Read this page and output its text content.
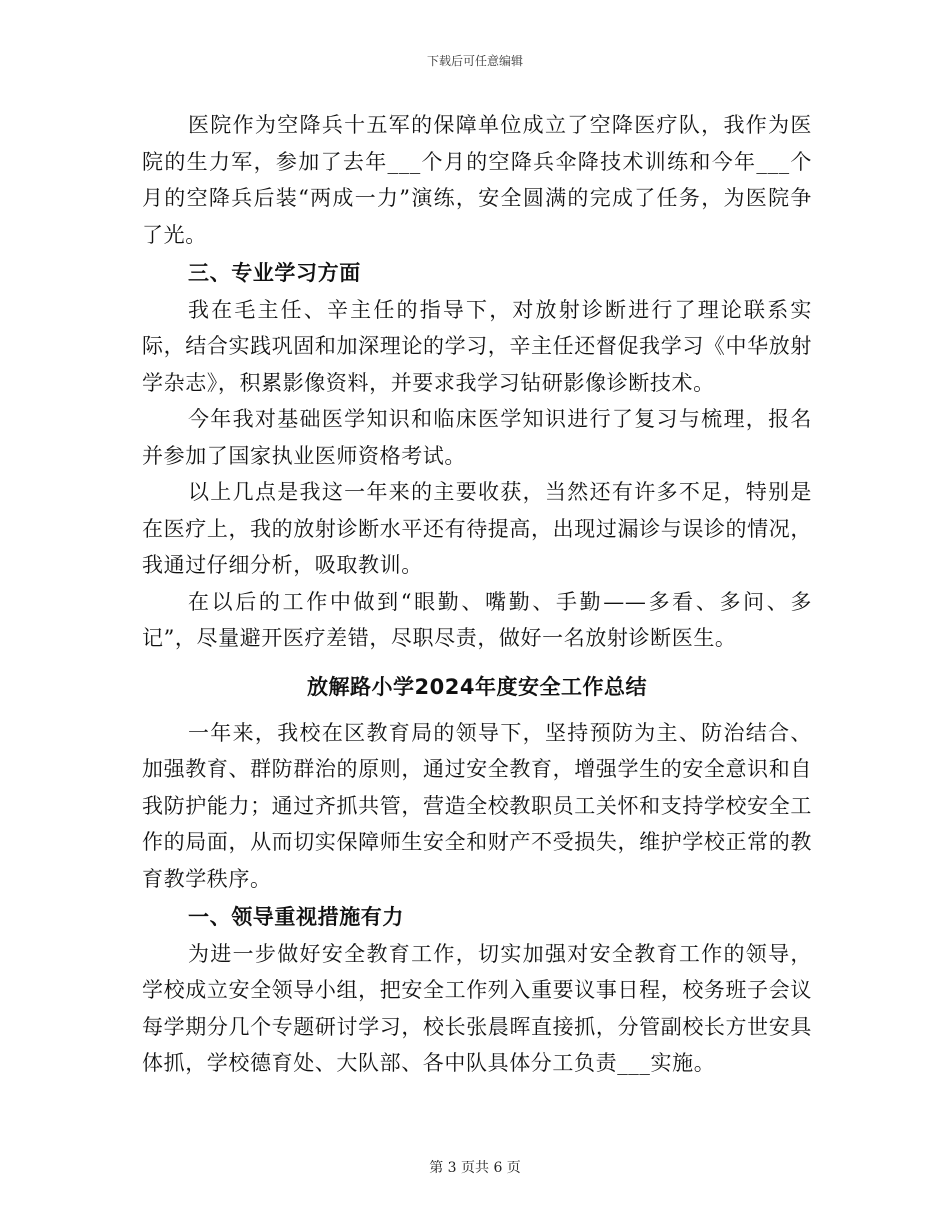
下载后可任意编辑

医院作为空降兵十五军的保障单位成立了空降医疗队，我作为医院的生力军，参加了去年___个月的空降兵伞降技术训练和今年___个月的空降兵后装“两成一力”演练，安全圆满的完成了任务，为医院争了光。

三、专业学习方面

我在毛主任、辛主任的指导下，对放射诊断进行了理论联系实际，结合实践巩固和加深理论的学习，辛主任还督促我学习《中华放射学杂志》，积累影像资料，并要求我学习钻研影像诊断技术。

今年我对基础医学知识和临床医学知识进行了复习与梳理，报名并参加了国家执业医师资格考试。

以上几点是我这一年来的主要收获，当然还有许多不足，特别是在医疗上，我的放射诊断水平还有待提高，出现过漏诊与误诊的情况，我通过仔细分析，吸取教训。

在以后的工作中做到“眼勤、嘴勤、手勤——多看、多问、多记”，尽量避开医疗差错，尽职尽责，做好一名放射诊断医生。

放解路小学2024年度安全工作总结

一年来，我校在区教育局的领导下，坚持预防为主、防治结合、加强教育、群防群治的原则，通过安全教育，增强学生的安全意识和自我防护能力；通过齐抓共管，营造全校教职员工关怀和支持学校安全工作的局面，从而切实保障师生安全和财产不受损失，维护学校正常的教育教学秩序。

一、领导重视措施有力

为进一步做好安全教育工作，切实加强对安全教育工作的领导，学校成立安全领导小组，把安全工作列入重要议事日程，校务班子会议每学期分几个专题研讨学习，校长张晨晖直接抓，分管副校长方世安具体抓，学校德育处、大队部、各中队具体分工负责___实施。

第 3 页共 6 页
